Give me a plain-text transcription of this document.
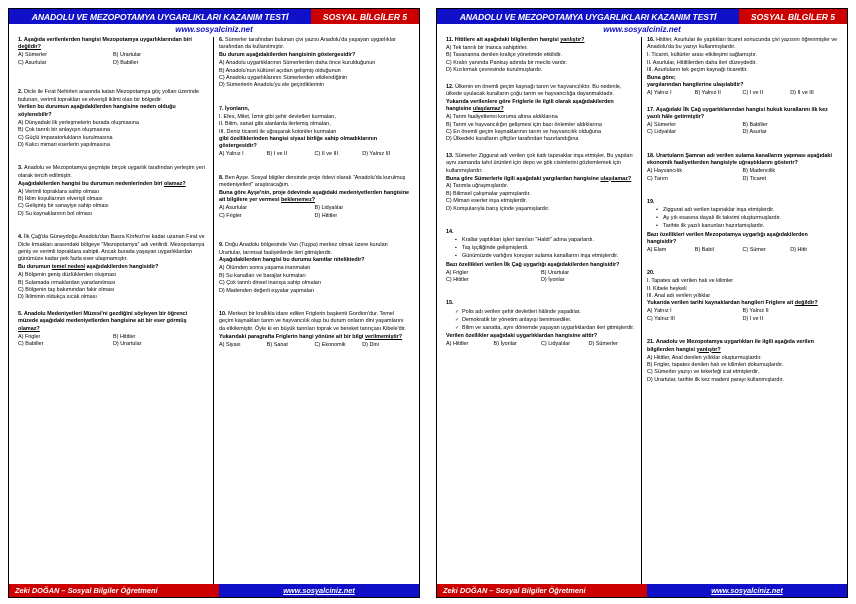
ANADOLU VE MEZOPOTAMYA UYGARLIKLARI KAZANIM TESTİ	SOSYAL BİLGİLER 5
www.sosyalciniz.net

1. Aşağıda verilenlerden hangisi Mezopotamya uygarlıklarından biri değildir?

A) Sümerler	B) Urartular
C) Asurlular	D) Babiller

2. Dicle ile Fırat Nehirleri arasında kalan Mezopotamya göç yolları üzerinde bulunan, verimli toprakları ve elverişli iklimi olan bir bölgedir.

Verilen bu durumun aşağıdakilerden hangisine neden olduğu söylenebilir?

A) Dünyadaki ilk yerleşmelerin burada oluşmasına
B) Çok tanrılı bir anlayışın oluşmasına
C) Güçlü imparatorlukların kurulmasına
D) Kalıcı mimari eserlerin yapılmasına

3. Anadolu ve Mezopotamya geçmişte birçok uygarlık tarafından yerleşim yeri olarak tercih edilmiştir.

Aşağıdakilerden hangisi bu durumun nedenlerinden biri olamaz?

A) Verimli topraklara sahip olması
B) İklim koşullarının elverişli olması
C) Gelişmiş bir sanayiye sahip olması
D) Su kaynaklarının bol olması

4. İlk Çağ'da Güneydoğu Anadolu'dan Basra Körfezi'ne kadar uzanan Fırat ve Dicle Irmakları arasındaki bölgeye "Mezopotamya" adı verilirdi. Mezopotamya geniş ve verimli topraklara sahipti. Ancak burada yaşayan uygarlıklardan günümüze kadar pek fazla eser ulaşmamıştır.

Bu durumun temel nedeni aşağıdakilerden hangisidir?

A) Bölgenin geniş düzlüklerden oluşması
B) Sulamada ırmaklardan yararlanılması
C) Bölgenin taş bakımından fakir olması
D) İkliminin oldukça sıcak olması

5. Anadolu Medeniyetleri Müzesi'ni gezdiğini söyleyen bir öğrenci müzede aşağıdaki medeniyetlerden hangisine ait bir eser görmüş olamaz?

A) Frigler	B) Hititler
C) Babiller	D) Urartular

6. Sümerler tarafından bulunan çivi yazısı Anadolu'da yaşayan uygarlıklar tarafından da kullanılmıştır.

Bu durum aşağıdakilerden hangisinin göstergesidir?

A) Anadolu uygarlıklarının Sümerlerden daha önce kurulduğunun
B) Anadolu'nun kültürel açıdan gelişmiş olduğunun
C) Anadolu uygarlıklarının Sümerlerden etkilendiğinin
D) Sümerlerin Anadolu'yu ele geçirdiklerinin

7. İyonların,

I. Efes, Milet, İzmir gibi şehir devletleri kurmaları,

II. Bilim, sanat gibi alanlarda ilerlemiş olmaları,

III. Deniz ticareti ile uğraşarak koloniler kurmaları

gibi özelliklerinden hangisi siyasi birliğe sahip olmadıklarının göstergesidir?

A) Yalnız I	B) I ve II	C) II ve III	D) Yalnız III

8. Ben Ayşe. Sosyal bilgiler dersinde proje ödevi olarak "Anadolu'da kurulmuş medeniyetleri" araştıracağım.

Buna göre Ayşe'nin, proje ödevinde aşağıdaki medeniyetlerden hangisine ait bilgilere yer vermesi beklenemez?

A) Asurlular	B) Lidyalılar
C) Frigler	D) Hititler

9. Doğu Anadolu bölgesinde Van (Tuşpa) merkez olmak üzere kurulan Urartular, tarımsal faaliyetlerde ileri gitmişlerdir.

Aşağıdakilerden hangisi bu durumu kanıtlar niteliktedir?

A) Ölümden sonra yaşama inanmaları
B) Su kanalları ve barajlar kurmaları
C) Çok tanrılı dinsel inanışa sahip olmaları
D) Madenden değerli eşyalar yapmaları

10. Merkezi bir krallıkla idare edilen Friglerin başkenti Gordion'dur. Temel geçim kaynakları tarım ve hayvancılık olup bu durum onların dini yaşamlarını da etkilemiştir. Öyle ki en büyük tanrıları toprak ve bereket tanrıçası Kibele'dir.

Yukarıdaki paragrafta Friglerin hangi yönüne ait bir bilgi verilmemiştir?

A) Siyasi	B) Sanat	C) Ekonomik	D) Dini
Zeki DOĞAN – Sosyal Bilgiler Öğretmeni	www.sosyalciniz.net
ANADOLU VE MEZOPOTAMYA UYGARLIKLARI KAZANIM TESTİ	SOSYAL BİLGİLER 5
www.sosyalciniz.net

11. Hititlere ait aşağıdaki bilgilerden hangisi yanlıştır?

A) Tek tanrılı bir inanca sahiptirler.
B) Tavananna denilen kraliçe yönetimde etkilidir.
C) Kralın yanında Pankuş adında bir meclis vardır.
D) Kızılırmak çevresinde kurulmuşlardır.

12. Ülkenin en önemli geçim kaynağı tarım ve hayvancılıktır. Bu nedenle, ülkede uyulacak kuralların çoğu tarım ve hayvancılığa dayanmaktadır.

Yukarıda verilenlere göre Friglerle ile ilgili olarak aşağıdakilerden hangisine ulaşılamaz?

A) Tarım faaliyetlerini koruma altına aldıklarına
B) Tarım ve hayvancılığın gelişmesi için bazı önlemler aldıklarına
C) En önemli geçim kaynaklarının tarım ve hayvancılık olduğuna
D) Ülkedeki kuralların çiftçiler tarafından hazırlandığına

13. Sümerler Ziggurat adı verilen çok katlı tapınaklar inşa etmişler. Bu yapıları aynı zamanda tahıl ürünleri için depo ve gök cisimlerini gözlemlemek için kullanmışlardır.

Buna göre Sümerlerle ilgili aşağıdaki yargılardan hangisine ulaşılamaz?

A) Tarımla uğraşmışlardır.
B) Bilimsel çalışmalar yapmışlardır.
C) Mimari eserler inşa etmişlerdir.
D) Komşularıyla barış içinde yaşamışlardır.

14.

▪ Krallar yaptıkları işleri tanrıları "Haldi" adına yaparlardı.
▪ Taş işçiliğinde gelişmişlerdi.
▪ Günümüzde varlığını koruyan sulama kanallarını inşa etmişlerdir.

Bazı özellikleri verilen İlk Çağ uygarlığı aşağıdakilerden hangisidir?

A) Frigler	B) Urartular
C) Hititler	D) İyonlar

15.

✓ Polis adı verilen şehir devletleri hâlinde yaşadılar.
✓ Demokratik bir yönetim anlayışı benimsediler.
✓ Bilim ve sanatta, aynı dönemde yaşayan uygarlıklardan ileri gitmişlerdir.

Verilen özellikler aşağıdaki uygarlıklardan hangisine aittir?

A) Hititler	B) İyonlar	C) Lidyalılar	D) Sümerler

16. Hititler, Asurlular ile yaptıkları ticaret sonucunda çivi yazısını öğrenmişler ve Anadolu'da bu yazıyı kullanmışlardır.

I. Ticaret, kültürler arası etkileşimi sağlamıştır.

II. Asurlular, Hititlilerden daha ileri düzeydedir.

III. Asurluların tek geçim kaynağı ticarettir.

Buna göre;

yargılarından hangilerine ulaşılabilir?

A) Yalnız I	B) Yalnız II	C) I ve II	D) II ve III

17. Aşağıdaki İlk Çağ uygarlıklarından hangisi hukuk kurallarını ilk kez yazılı hâle getirmiştir?

A) Sümerler	B) Babiller
C) Lidyalılar	D) Asurlar

18. Urartuların Şamran adı verilen sulama kanallarını yapması aşağıdaki ekonomik faaliyetlerden hangisiyle uğraştıklarını gösterir?

A) Hayvancılık	B) Madencilik
C) Tarım	D) Ticaret

19.

• Ziggurat adı verilen tapınaklar inşa etmişlerdir.
• Ay yılı esasına dayalı ilk takvimi oluşturmuşlardır.
• Tarihte ilk yazılı kanunları hazırlamışlardır.

Bazı özellikleri verilen Mezopotamya uygarlığı aşağıdakilerden hangisidir?

A) Elam	B) Babil	C) Sümer	D) Hitit

20.

I. Tapates adı verilen halı ve kilimler

II. Kibele heykeli

III. Anal adı verilen yıllıklar

Yukarıda verilen tarihi kaynaklardan hangileri Friglere ait değildir?

A) Yalnız I	B) Yalnız II
C) Yalnız III	D) I ve II

21. Anadolu ve Mezopotamya uygarlıkları ile ilgili aşağıda verilen bilgilerden hangisi yanlıştır?

A) Hititler, Anal denilen yıllıklar oluşturmuşlardır.
B) Frigler, tapates denilen halı ve kilimleri dokumuşlardır.
C) Sümerler yazıyı ve tekerleği icat etmişlerdir.
D) Urartular, tarihte ilk kez madeni parayı kullanmışlardır.
Zeki DOĞAN – Sosyal Bilgiler Öğretmeni	www.sosyalciniz.net
